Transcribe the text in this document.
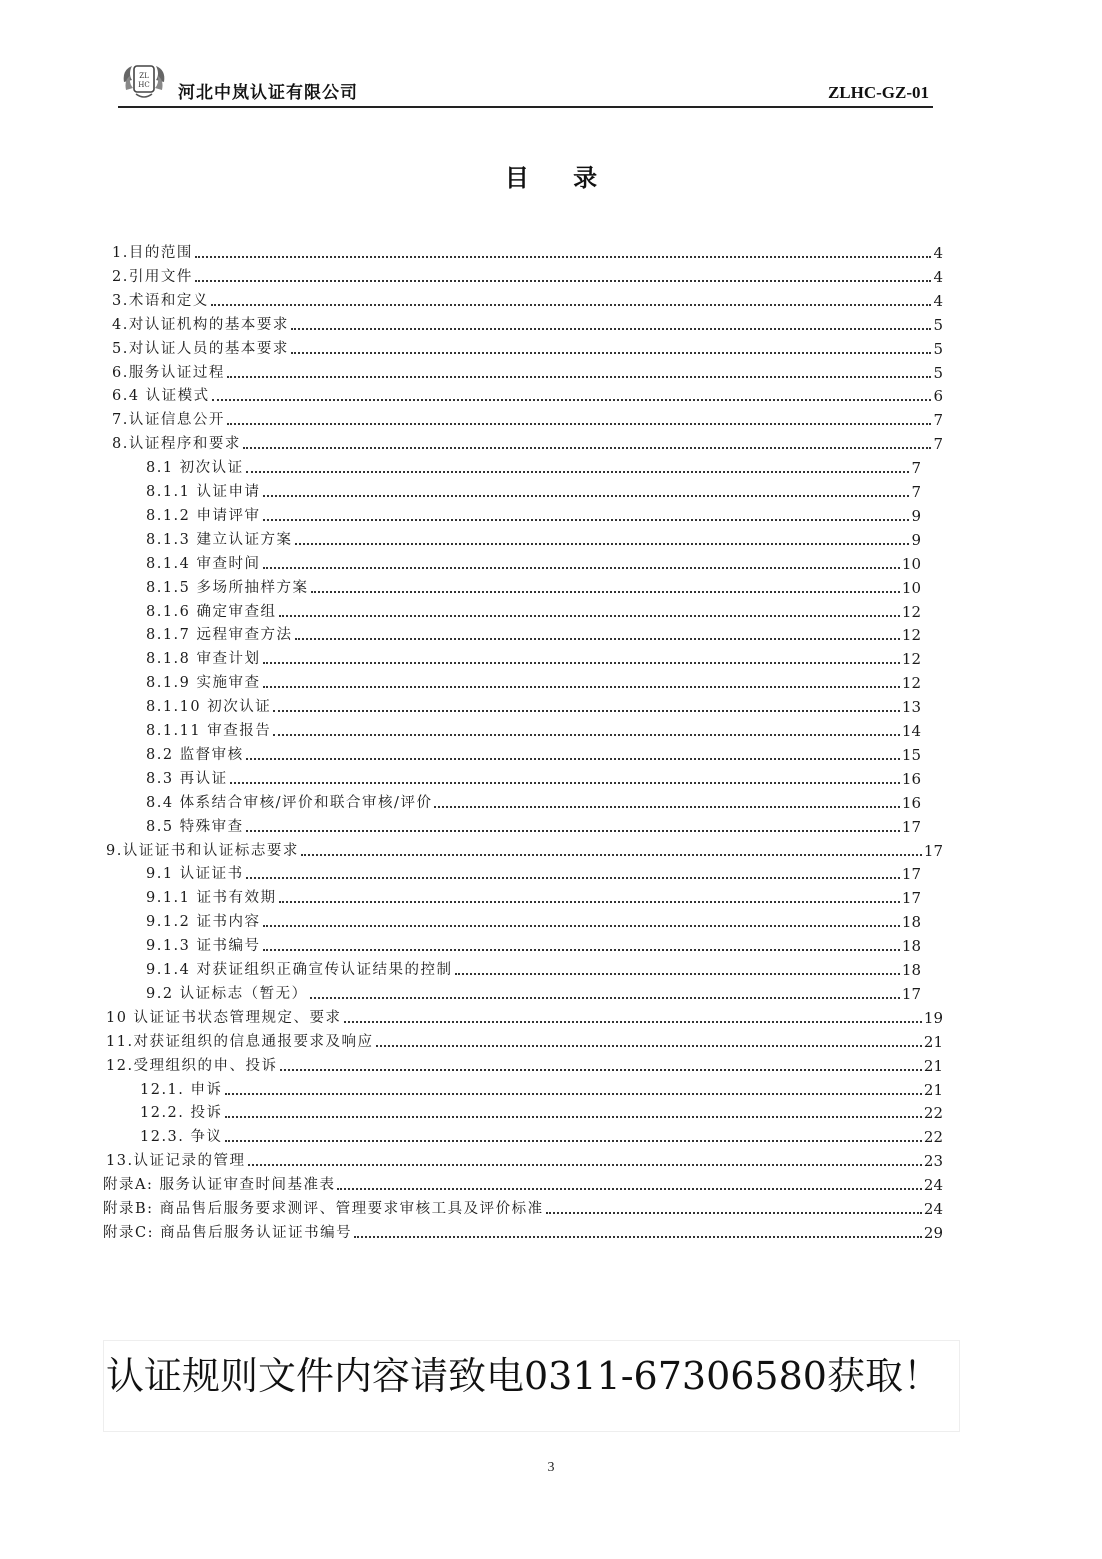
ZL
HC 河北中岚认证有限公司	ZLHC-GZ-01
目 录
1.目的范围	4
2.引用文件	4
3.术语和定义	4
4.对认证机构的基本要求	5
5.对认证人员的基本要求	5
6.服务认证过程	5
6.4 认证模式	6
7.认证信息公开	7
8.认证程序和要求	7
8.1 初次认证	7
8.1.1 认证申请	7
8.1.2 申请评审	9
8.1.3 建立认证方案	9
8.1.4 审查时间	10
8.1.5 多场所抽样方案	10
8.1.6 确定审查组	12
8.1.7 远程审查方法	12
8.1.8 审查计划	12
8.1.9 实施审查	12
8.1.10 初次认证	13
8.1.11 审查报告	14
8.2 监督审核	15
8.3 再认证	16
8.4 体系结合审核/评价和联合审核/评价	16
8.5 特殊审查	17
9.认证证书和认证标志要求	17
9.1 认证证书	17
9.1.1 证书有效期	17
9.1.2 证书内容	18
9.1.3 证书编号	18
9.1.4 对获证组织正确宣传认证结果的控制	18
9.2 认证标志（暂无）	17
10 认证证书状态管理规定、要求	19
11.对获证组织的信息通报要求及响应	21
12.受理组织的申、投诉	21
12.1. 申诉	21
12.2. 投诉	22
12.3. 争议	22
13.认证记录的管理	23
附录A: 服务认证审查时间基准表	24
附录B: 商品售后服务要求测评、管理要求审核工具及评价标准	24
附录C: 商品售后服务认证证书编号	29
认证规则文件内容请致电0311-67306580获取！
3
